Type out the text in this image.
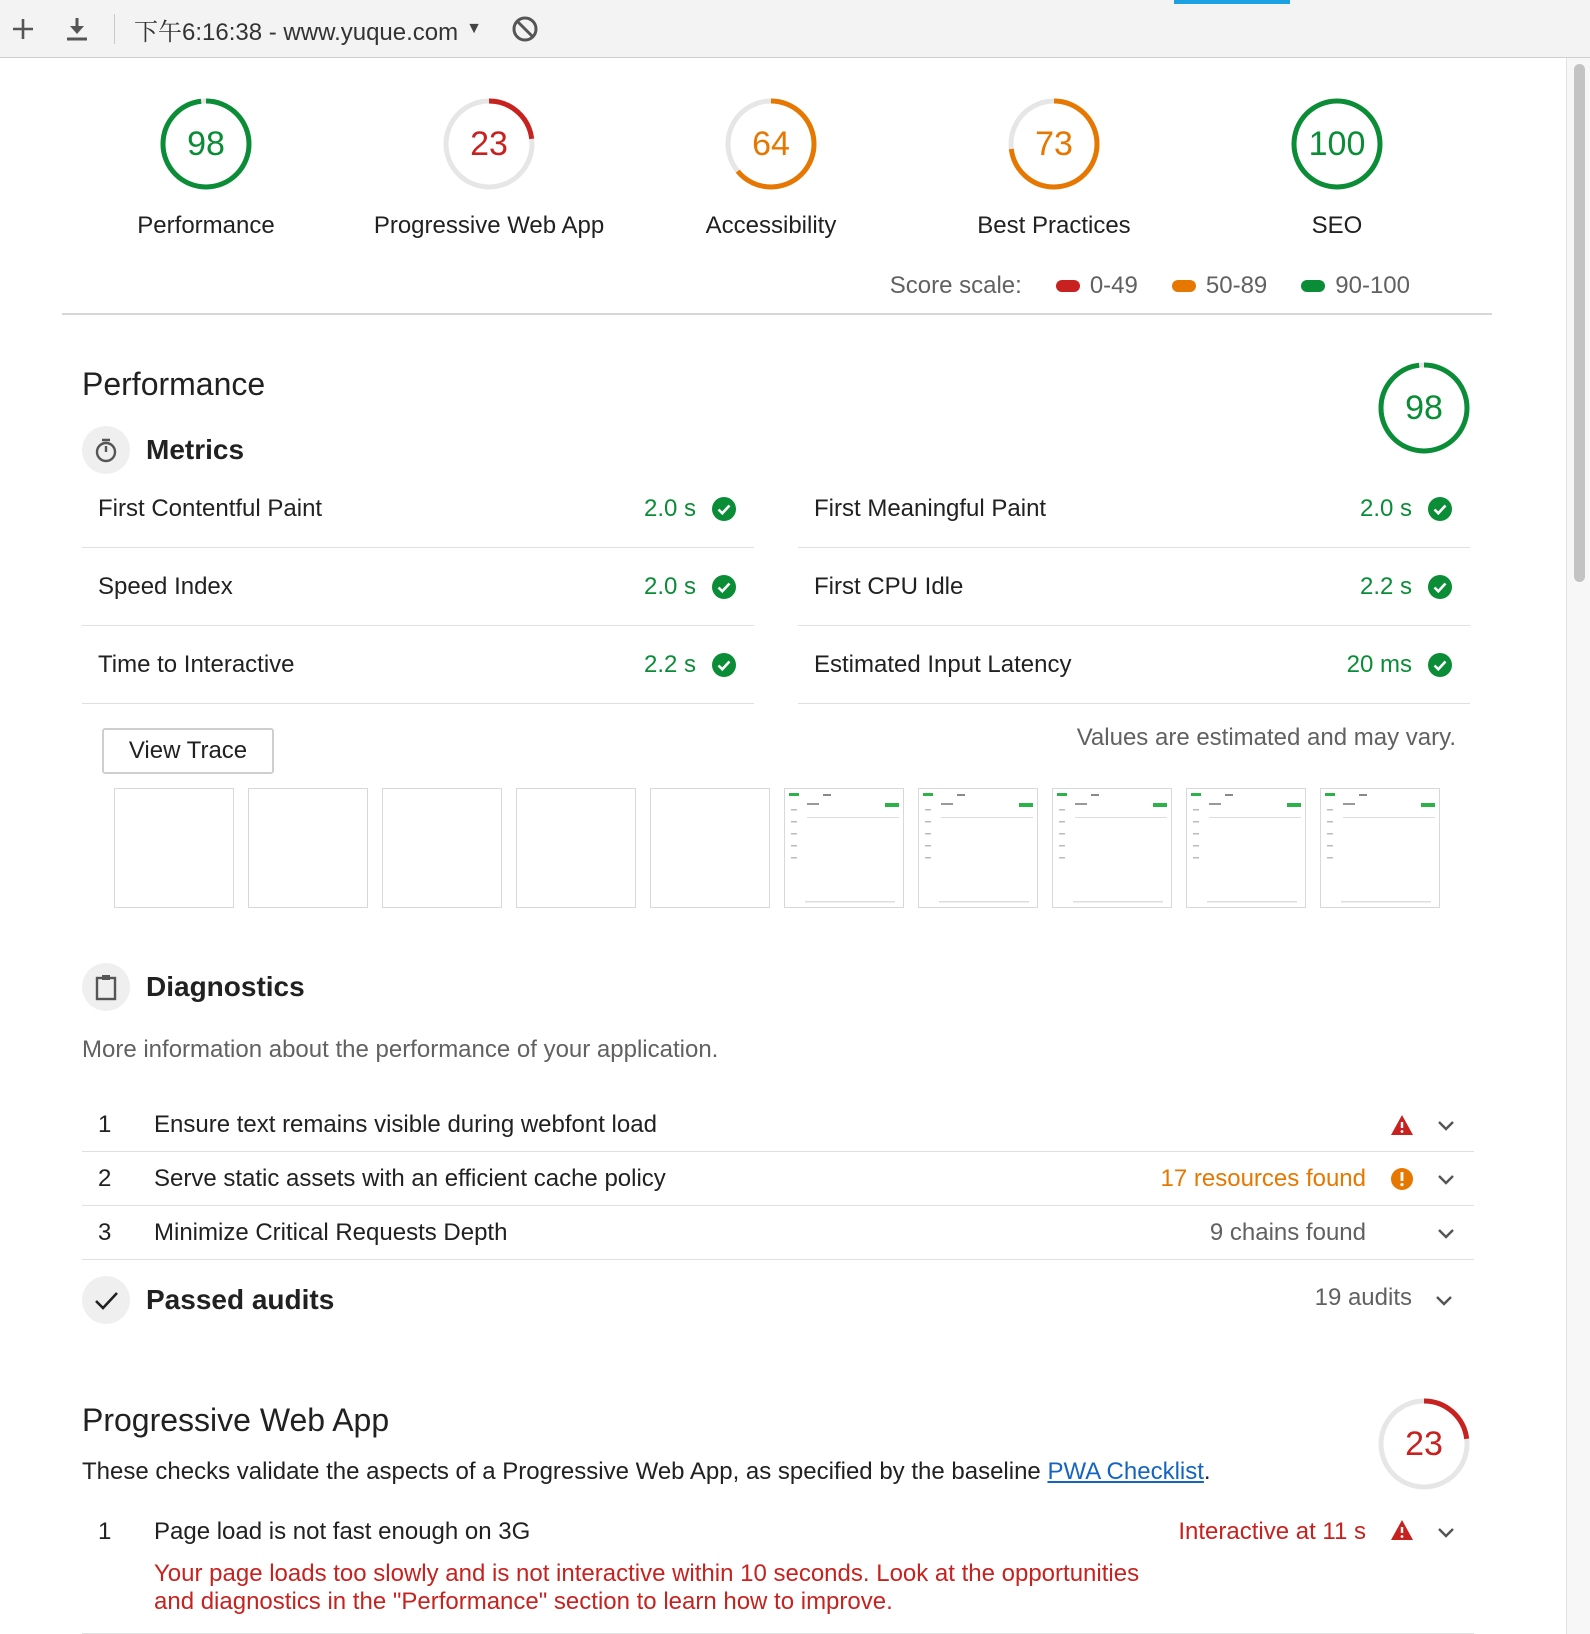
下午6:16:38 - www.yuque.com ▼
98
Performance
23
Progressive Web App
64
Accessibility
73
Best Practices
100
SEO
Score scale:	0-49	50-89	90-100
Performance
98
Metrics
First Contentful Paint	2.0 s	First Meaningful Paint	2.0 s
Speed Index	2.0 s	First CPU Idle	2.2 s
Time to Interactive	2.2 s	Estimated Input Latency	20 ms
View Trace	Values are estimated and may vary.
Diagnostics
More information about the performance of your application.
1 Ensure text remains visible during webfont load
2 Serve static assets with an efficient cache policy	17 resources found
3 Minimize Critical Requests Depth	9 chains found
Passed audits	19 audits
Progressive Web App
23
These checks validate the aspects of a Progressive Web App, as specified by the baseline PWA Checklist.
1 Page load is not fast enough on 3G	Interactive at 11 s
Your page loads too slowly and is not interactive within 10 seconds. Look at the opportunities and diagnostics in the "Performance" section to learn how to improve.
